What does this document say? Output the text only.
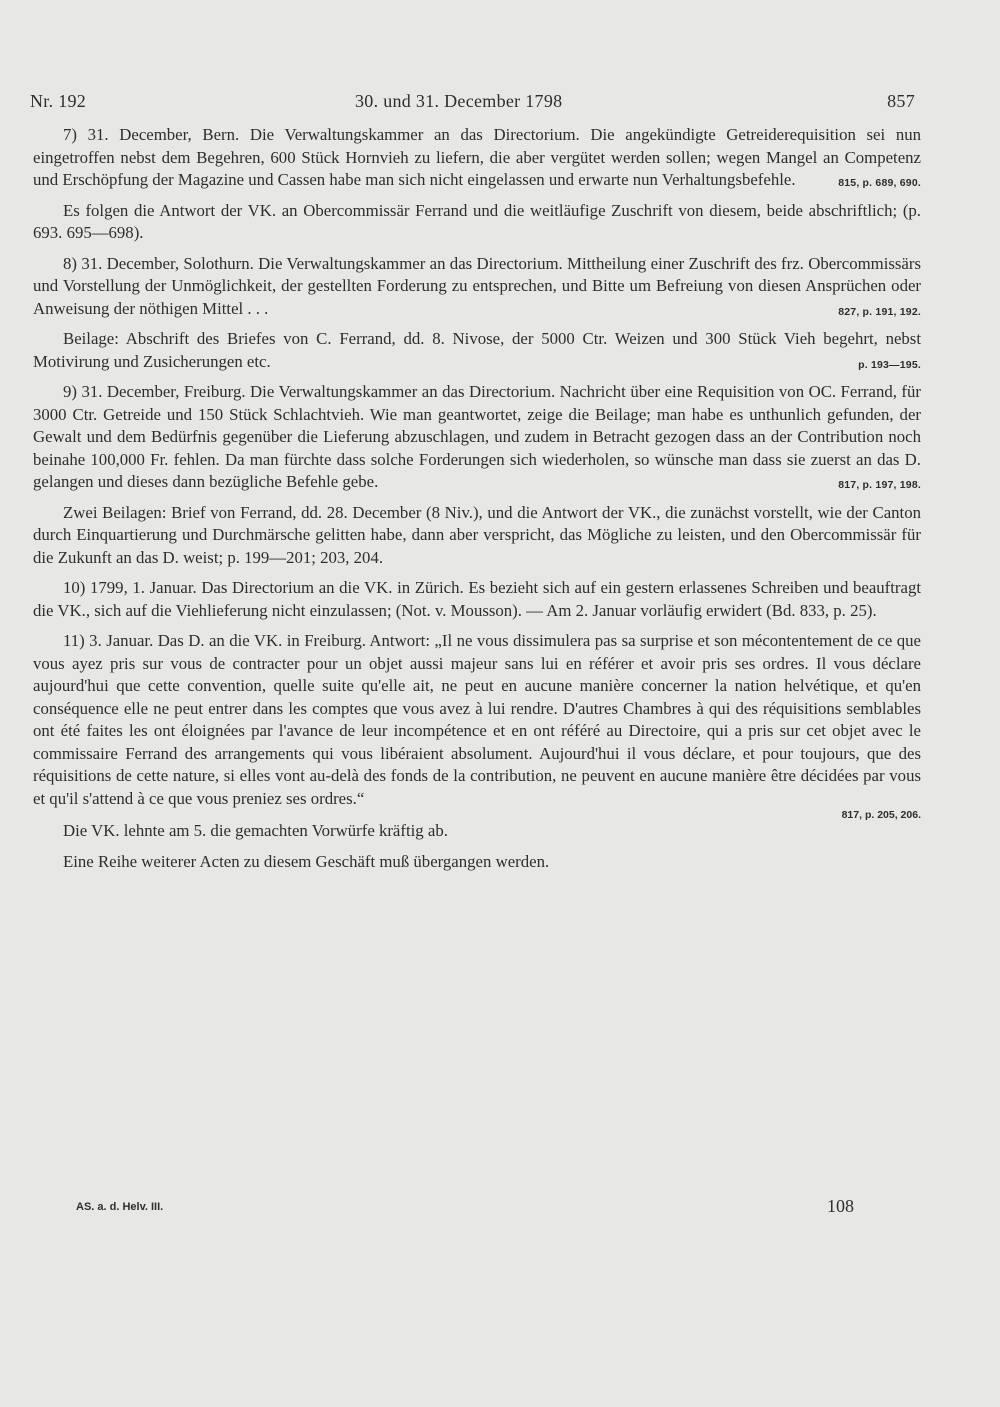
Nr. 192	30. und 31. December 1798	857

7) 31. December, Bern. Die Verwaltungskammer an das Directorium. Die angekündigte Getreiderequisition sei nun eingetroffen nebst dem Begehren, 600 Stück Hornvieh zu liefern, die aber vergütet werden sollen; wegen Mangel an Competenz und Erschöpfung der Magazine und Cassen habe man sich nicht eingelassen und erwarte nun Verhaltungsbefehle.	815, p. 689, 690.

Es folgen die Antwort der VK. an Obercommissär Ferrand und die weitläufige Zuschrift von diesem, beide abschriftlich; (p. 693. 695—698).

8) 31. December, Solothurn. Die Verwaltungskammer an das Directorium. Mittheilung einer Zuschrift des frz. Obercommissärs und Vorstellung der Unmöglichkeit, der gestellten Forderung zu entsprechen, und Bitte um Befreiung von diesen Ansprüchen oder Anweisung der nöthigen Mittel . . .	827, p. 191, 192.

Beilage: Abschrift des Briefes von C. Ferrand, dd. 8. Nivose, der 5000 Ctr. Weizen und 300 Stück Vieh begehrt, nebst Motivirung und Zusicherungen etc.	p. 193—195.

9) 31. December, Freiburg. Die Verwaltungskammer an das Directorium. Nachricht über eine Requisition von OC. Ferrand, für 3000 Ctr. Getreide und 150 Stück Schlachtvieh. Wie man geantwortet, zeige die Beilage; man habe es unthunlich gefunden, der Gewalt und dem Bedürfnis gegenüber die Lieferung abzuschlagen, und zudem in Betracht gezogen dass an der Contribution noch beinahe 100,000 Fr. fehlen. Da man fürchte dass solche Forderungen sich wiederholen, so wünsche man dass sie zuerst an das D. gelangen und dieses dann bezügliche Befehle gebe.	817, p. 197, 198.

Zwei Beilagen: Brief von Ferrand, dd. 28. December (8 Niv.), und die Antwort der VK., die zunächst vorstellt, wie der Canton durch Einquartierung und Durchmärsche gelitten habe, dann aber verspricht, das Mögliche zu leisten, und den Obercommissär für die Zukunft an das D. weist; p. 199—201; 203, 204.

10) 1799, 1. Januar. Das Directorium an die VK. in Zürich. Es bezieht sich auf ein gestern erlassenes Schreiben und beauftragt die VK., sich auf die Viehlieferung nicht einzulassen; (Not. v. Mousson). — Am 2. Januar vorläufig erwidert (Bd. 833, p. 25).

11) 3. Januar. Das D. an die VK. in Freiburg. Antwort: „Il ne vous dissimulera pas sa surprise et son mécontentement de ce que vous ayez pris sur vous de contracter pour un objet aussi majeur sans lui en référer et avoir pris ses ordres. Il vous déclare aujourd'hui que cette convention, quelle suite qu'elle ait, ne peut en aucune manière concerner la nation helvétique, et qu'en conséquence elle ne peut entrer dans les comptes que vous avez à lui rendre. D'autres Chambres à qui des réquisitions semblables ont été faites les ont éloignées par l'avance de leur incompétence et en ont référé au Directoire, qui a pris sur cet objet avec le commissaire Ferrand des arrangements qui vous libéraient absolument. Aujourd'hui il vous déclare, et pour toujours, que des réquisitions de cette nature, si elles vont au-delà des fonds de la contribution, ne peuvent en aucune manière être décidées par vous et qu'il s'attend à ce que vous preniez ses ordres.“

817, p. 205, 206.

Die VK. lehnte am 5. die gemachten Vorwürfe kräftig ab.

Eine Reihe weiterer Acten zu diesem Geschäft muß übergangen werden.

AS. a. d. Helv. III.	108
